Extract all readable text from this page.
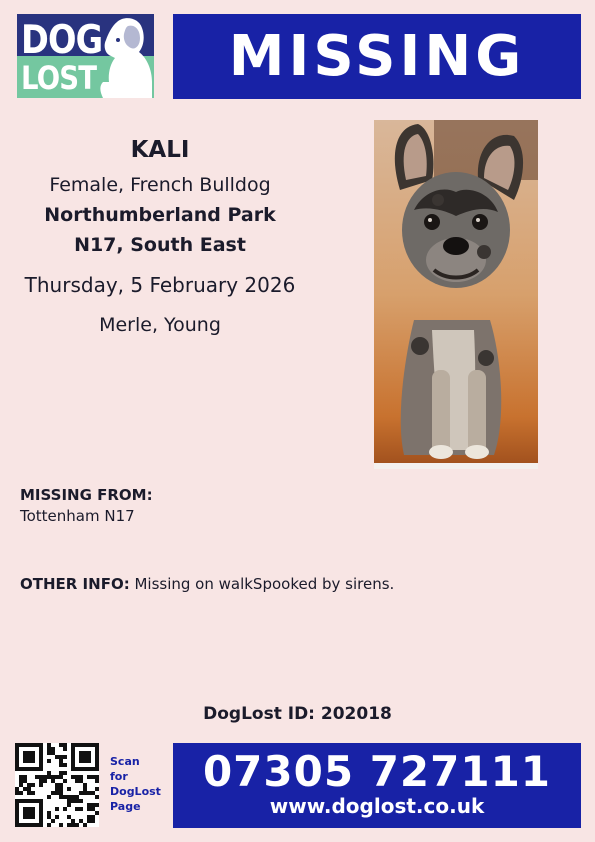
DOG
LOST MISSING
KALI
Female, French Bulldog
Northumberland Park
N17, South East
Thursday, 5 February 2026
Merle, Young
MISSING FROM:
Tottenham N17
OTHER INFO: Missing on walkSpooked by sirens.
DogLost ID: 202018
Scan
for
DogLost
Page
07305 727111
www.doglost.co.uk
